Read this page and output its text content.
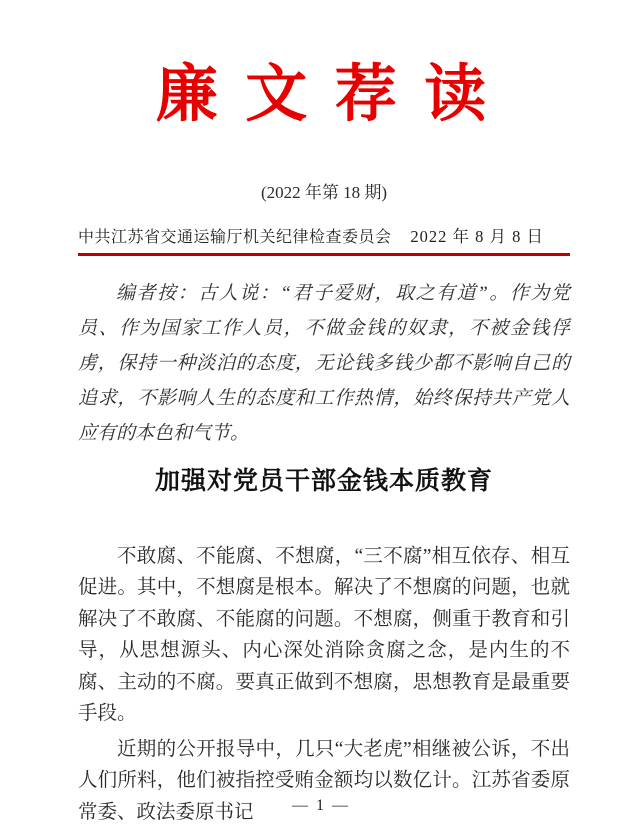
廉 文 荐 读
(2022 年第 18 期)
中共江苏省交通运输厅机关纪律检查委员会 2022 年 8 月 8 日
编者按：古人说：“君子爱财，取之有道”。作为党员、作为国家工作人员，不做金钱的奴隶，不被金钱俘虏，保持一种淡泊的态度，无论钱多钱少都不影响自己的追求，不影响人生的态度和工作热情，始终保持共产党人应有的本色和气节。
加强对党员干部金钱本质教育

不敢腐、不能腐、不想腐，“三不腐”相互依存、相互促进。其中，不想腐是根本。解决了不想腐的问题，也就解决了不敢腐、不能腐的问题。不想腐，侧重于教育和引导，从思想源头、内心深处消除贪腐之念，是内生的不腐、主动的不腐。要真正做到不想腐，思想教育是最重要手段。

近期的公开报导中，几只“大老虎”相继被公诉，不出人们所料，他们被指控受贿金额均以数亿计。江苏省委原常委、政法委原书记	— 1 —
